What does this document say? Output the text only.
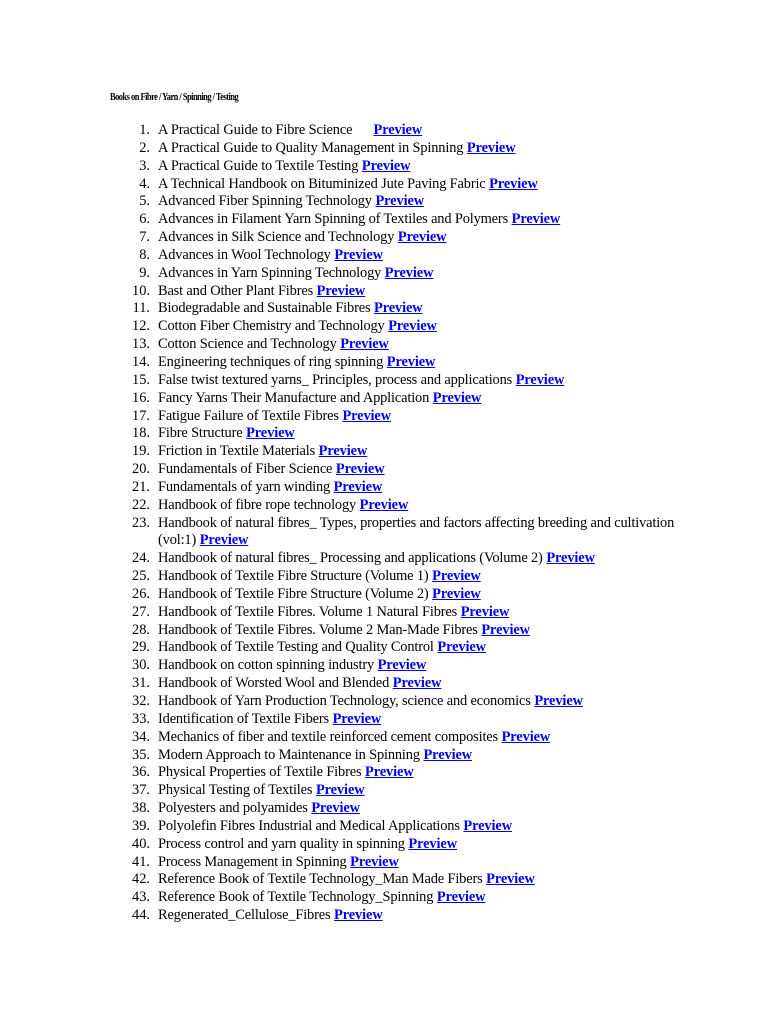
Books on Fibre / Yarn / Spinning / Testing

1. A Practical Guide to Fibre Science Preview
2. A Practical Guide to Quality Management in Spinning Preview
3. A Practical Guide to Textile Testing Preview
4. A Technical Handbook on Bituminized Jute Paving Fabric Preview
5. Advanced Fiber Spinning Technology Preview
6. Advances in Filament Yarn Spinning of Textiles and Polymers Preview
7. Advances in Silk Science and Technology Preview
8. Advances in Wool Technology Preview
9. Advances in Yarn Spinning Technology Preview
10. Bast and Other Plant Fibres Preview
11. Biodegradable and Sustainable Fibres Preview
12. Cotton Fiber Chemistry and Technology Preview
13. Cotton Science and Technology Preview
14. Engineering techniques of ring spinning Preview
15. False twist textured yarns_ Principles, process and applications Preview
16. Fancy Yarns Their Manufacture and Application Preview
17. Fatigue Failure of Textile Fibres Preview
18. Fibre Structure Preview
19. Friction in Textile Materials Preview
20. Fundamentals of Fiber Science Preview
21. Fundamentals of yarn winding Preview
22. Handbook of fibre rope technology Preview
23. Handbook of natural fibres_ Types, properties and factors affecting breeding and cultivation (vol:1) Preview
24. Handbook of natural fibres_ Processing and applications (Volume 2) Preview
25. Handbook of Textile Fibre Structure (Volume 1) Preview
26. Handbook of Textile Fibre Structure (Volume 2) Preview
27. Handbook of Textile Fibres. Volume 1 Natural Fibres Preview
28. Handbook of Textile Fibres. Volume 2 Man-Made Fibres Preview
29. Handbook of Textile Testing and Quality Control Preview
30. Handbook on cotton spinning industry Preview
31. Handbook of Worsted Wool and Blended Preview
32. Handbook of Yarn Production Technology, science and economics Preview
33. Identification of Textile Fibers Preview
34. Mechanics of fiber and textile reinforced cement composites Preview
35. Modern Approach to Maintenance in Spinning Preview
36. Physical Properties of Textile Fibres Preview
37. Physical Testing of Textiles Preview
38. Polyesters and polyamides Preview
39. Polyolefin Fibres Industrial and Medical Applications Preview
40. Process control and yarn quality in spinning Preview
41. Process Management in Spinning Preview
42. Reference Book of Textile Technology_Man Made Fibers Preview
43. Reference Book of Textile Technology_Spinning Preview
44. Regenerated_Cellulose_Fibres Preview
